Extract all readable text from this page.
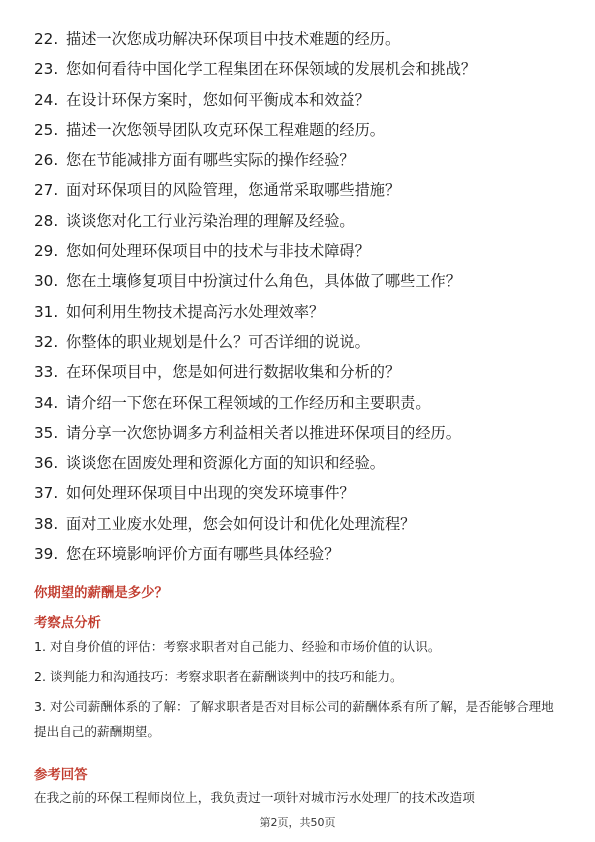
22. 描述一次您成功解决环保项目中技术难题的经历。
23. 您如何看待中国化学工程集团在环保领域的发展机会和挑战？
24. 在设计环保方案时，您如何平衡成本和效益？
25. 描述一次您领导团队攻克环保工程难题的经历。
26. 您在节能减排方面有哪些实际的操作经验？
27. 面对环保项目的风险管理，您通常采取哪些措施？
28. 谈谈您对化工行业污染治理的理解及经验。
29. 您如何处理环保项目中的技术与非技术障碍？
30. 您在土壤修复项目中扮演过什么角色，具体做了哪些工作？
31. 如何利用生物技术提高污水处理效率？
32. 你整体的职业规划是什么？可否详细的说说。
33. 在环保项目中，您是如何进行数据收集和分析的？
34. 请介绍一下您在环保工程领域的工作经历和主要职责。
35. 请分享一次您协调多方利益相关者以推进环保项目的经历。
36. 谈谈您在固废处理和资源化方面的知识和经验。
37. 如何处理环保项目中出现的突发环境事件？
38. 面对工业废水处理，您会如何设计和优化处理流程？
39. 您在环境影响评价方面有哪些具体经验？
你期望的薪酬是多少？
考察点分析
1. 对自身价值的评估：考察求职者对自己能力、经验和市场价值的认识。
2. 谈判能力和沟通技巧：考察求职者在薪酬谈判中的技巧和能力。
3. 对公司薪酬体系的了解：了解求职者是否对目标公司的薪酬体系有所了解，是否能够合理地提出自己的薪酬期望。
参考回答
在我之前的环保工程师岗位上，我负责过一项针对城市污水处理厂的技术改造项
第2页，共50页
